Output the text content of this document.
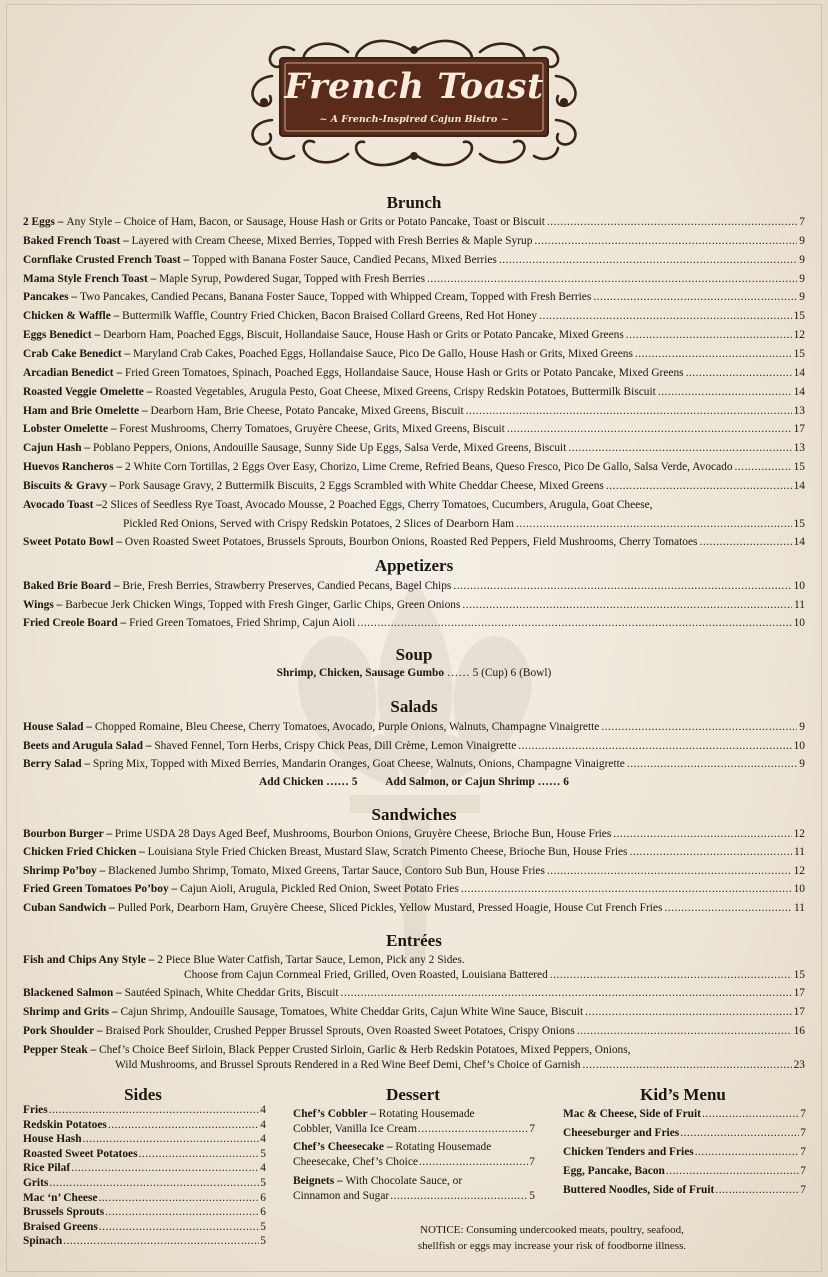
French Toast
~ A French-Inspired Cajun Bistro ~
Brunch
2 Eggs – Any Style – Choice of Ham, Bacon, or Sausage, House Hash or Grits or Potato Pancake, Toast or Biscuit .....	7
Baked French Toast – Layered with Cream Cheese, Mixed Berries, Topped with Fresh Berries & Maple Syrup .....	9
Cornflake Crusted French Toast – Topped with Banana Foster Sauce, Candied Pecans, Mixed Berries .....	9
Mama Style French Toast – Maple Syrup, Powdered Sugar, Topped with Fresh Berries .....	9
Pancakes – Two Pancakes, Candied Pecans, Banana Foster Sauce, Topped with Whipped Cream, Topped with Fresh Berries .....	9
Chicken & Waffle – Buttermilk Waffle, Country Fried Chicken, Bacon Braised Collard Greens, Red Hot Honey .....	15
Eggs Benedict – Dearborn Ham, Poached Eggs, Biscuit, Hollandaise Sauce, House Hash or Grits or Potato Pancake, Mixed Greens .....	12
Crab Cake Benedict – Maryland Crab Cakes, Poached Eggs, Hollandaise Sauce, Pico De Gallo, House Hash or Grits, Mixed Greens .....	15
Arcadian Benedict – Fried Green Tomatoes, Spinach, Poached Eggs, Hollandaise Sauce, House Hash or Grits or Potato Pancake, Mixed Greens .....	14
Roasted Veggie Omelette – Roasted Vegetables, Arugula Pesto, Goat Cheese, Mixed Greens, Crispy Redskin Potatoes, Buttermilk Biscuit .....	14
Ham and Brie Omelette – Dearborn Ham, Brie Cheese, Potato Pancake, Mixed Greens, Biscuit .....	13
Lobster Omelette – Forest Mushrooms, Cherry Tomatoes, Gruyère Cheese, Grits, Mixed Greens, Biscuit .....	17
Cajun Hash – Poblano Peppers, Onions, Andouille Sausage, Sunny Side Up Eggs, Salsa Verde, Mixed Greens, Biscuit .....	13
Huevos Rancheros – 2 White Corn Tortillas, 2 Eggs Over Easy, Chorizo, Lime Creme, Refried Beans, Queso Fresco, Pico De Gallo, Salsa Verde, Avocado .....	15
Biscuits & Gravy – Pork Sausage Gravy, 2 Buttermilk Biscuits, 2 Eggs Scrambled with White Cheddar Cheese, Mixed Greens .....	14
Avocado Toast – 2 Slices of Seedless Rye Toast, Avocado Mousse, 2 Poached Eggs, Cherry Tomatoes, Cucumbers, Arugula, Goat Cheese,
Pickled Red Onions, Served with Crispy Redskin Potatoes, 2 Slices of Dearborn Ham .....	15
Sweet Potato Bowl – Oven Roasted Sweet Potatoes, Brussels Sprouts, Bourbon Onions, Roasted Red Peppers, Field Mushrooms, Cherry Tomatoes .....	14
Appetizers
Baked Brie Board – Brie, Fresh Berries, Strawberry Preserves, Candied Pecans, Bagel Chips .....	10
Wings – Barbecue Jerk Chicken Wings, Topped with Fresh Ginger, Garlic Chips, Green Onions .....	11
Fried Creole Board – Fried Green Tomatoes, Fried Shrimp, Cajun Aioli .....	10
Soup
Shrimp, Chicken, Sausage Gumbo …… 5 (Cup) 6 (Bowl)
Salads
House Salad – Chopped Romaine, Bleu Cheese, Cherry Tomatoes, Avocado, Purple Onions, Walnuts, Champagne Vinaigrette .....	9
Beets and Arugula Salad – Shaved Fennel, Torn Herbs, Crispy Chick Peas, Dill Crème, Lemon Vinaigrette .....	10
Berry Salad – Spring Mix, Topped with Mixed Berries, Mandarin Oranges, Goat Cheese, Walnuts, Onions, Champagne Vinaigrette .....	9
Add Chicken …… 5          Add Salmon, or Cajun Shrimp …… 6
Sandwiches
Bourbon Burger – Prime USDA 28 Days Aged Beef, Mushrooms, Bourbon Onions, Gruyère Cheese, Brioche Bun, House Fries .....	12
Chicken Fried Chicken – Louisiana Style Fried Chicken Breast, Mustard Slaw, Scratch Pimento Cheese, Brioche Bun, House Fries .....	11
Shrimp Po’boy – Blackened Jumbo Shrimp, Tomato, Mixed Greens, Tartar Sauce, Contoro Sub Bun, House Fries .....	12
Fried Green Tomatoes Po’boy – Cajun Aioli, Arugula, Pickled Red Onion, Sweet Potato Fries .....	10
Cuban Sandwich – Pulled Pork, Dearborn Ham, Gruyère Cheese, Sliced Pickles, Yellow Mustard, Pressed Hoagie, House Cut French Fries .....	11
Entrées
Fish and Chips Any Style – 2 Piece Blue Water Catfish, Tartar Sauce, Lemon, Pick any 2 Sides.
Choose from Cajun Cornmeal Fried, Grilled, Oven Roasted, Louisiana Battered .....	15
Blackened Salmon – Sautéed Spinach, White Cheddar Grits, Biscuit .....	17
Shrimp and Grits – Cajun Shrimp, Andouille Sausage, Tomatoes, White Cheddar Grits, Cajun White Wine Sauce, Biscuit .....	17
Pork Shoulder – Braised Pork Shoulder, Crushed Pepper Brussel Sprouts, Oven Roasted Sweet Potatoes, Crispy Onions .....	16
Pepper Steak – Chef’s Choice Beef Sirloin, Black Pepper Crusted Sirloin, Garlic & Herb Redskin Potatoes, Mixed Peppers, Onions,
Wild Mushrooms, and Brussel Sprouts Rendered in a Red Wine Beef Demi, Chef’s Choice of Garnish .....	23
Sides
Fries .....	4
Redskin Potatoes .....	4
House Hash .....	4
Roasted Sweet Potatoes .....	5
Rice Pilaf .....	4
Grits .....	5
Mac ‘n’ Cheese .....	6
Brussels Sprouts .....	6
Braised Greens .....	5
Spinach .....	5
Dessert
Chef’s Cobbler – Rotating Housemade
Cobbler, Vanilla Ice Cream .....	7
Chef’s Cheesecake – Rotating Housemade
Cheesecake, Chef’s Choice .....	7
Beignets – With Chocolate Sauce, or
Cinnamon and Sugar .....	5
Kid’s Menu
Mac & Cheese, Side of Fruit .....	7
Cheeseburger and Fries .....	7
Chicken Tenders and Fries .....	7
Egg, Pancake, Bacon .....	7
Buttered Noodles, Side of Fruit .....	7
NOTICE: Consuming undercooked meats, poultry, seafood,
shellfish or eggs may increase your risk of foodborne illness.
